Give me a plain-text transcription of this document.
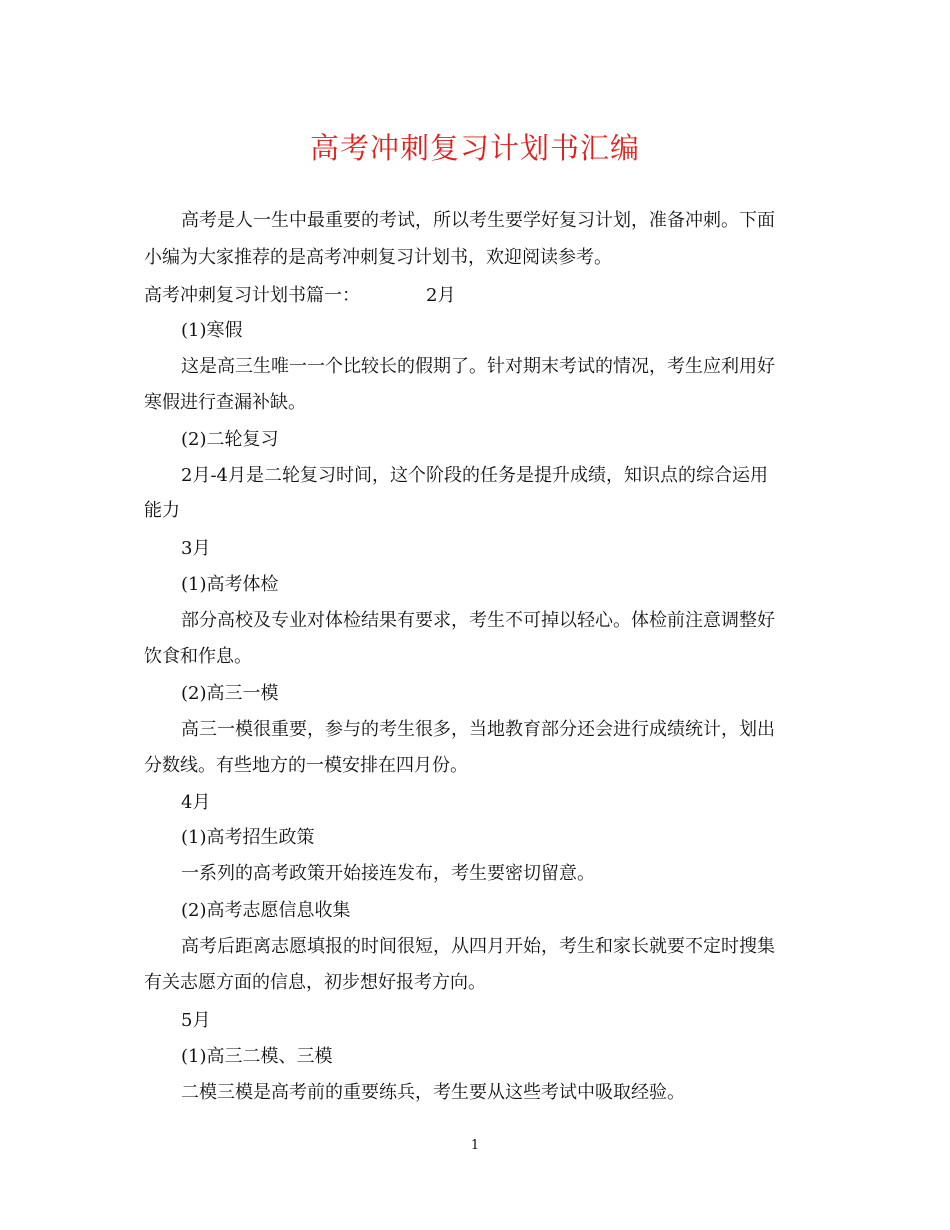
高考冲刺复习计划书汇编
高考是人一生中最重要的考试，所以考生要学好复习计划，准备冲刺。下面
小编为大家推荐的是高考冲刺复习计划书，欢迎阅读参考。
高考冲刺复习计划书篇一：	2月
(1)寒假
这是高三生唯一一个比较长的假期了。针对期末考试的情况，考生应利用好
寒假进行查漏补缺。
(2)二轮复习
2月-4月是二轮复习时间，这个阶段的任务是提升成绩，知识点的综合运用
能力
3月
(1)高考体检
部分高校及专业对体检结果有要求，考生不可掉以轻心。体检前注意调整好
饮食和作息。
(2)高三一模
高三一模很重要，参与的考生很多，当地教育部分还会进行成绩统计，划出
分数线。有些地方的一模安排在四月份。
4月
(1)高考招生政策
一系列的高考政策开始接连发布，考生要密切留意。
(2)高考志愿信息收集
高考后距离志愿填报的时间很短，从四月开始，考生和家长就要不定时搜集
有关志愿方面的信息，初步想好报考方向。
5月
(1)高三二模、三模
二模三模是高考前的重要练兵，考生要从这些考试中吸取经验。
1
